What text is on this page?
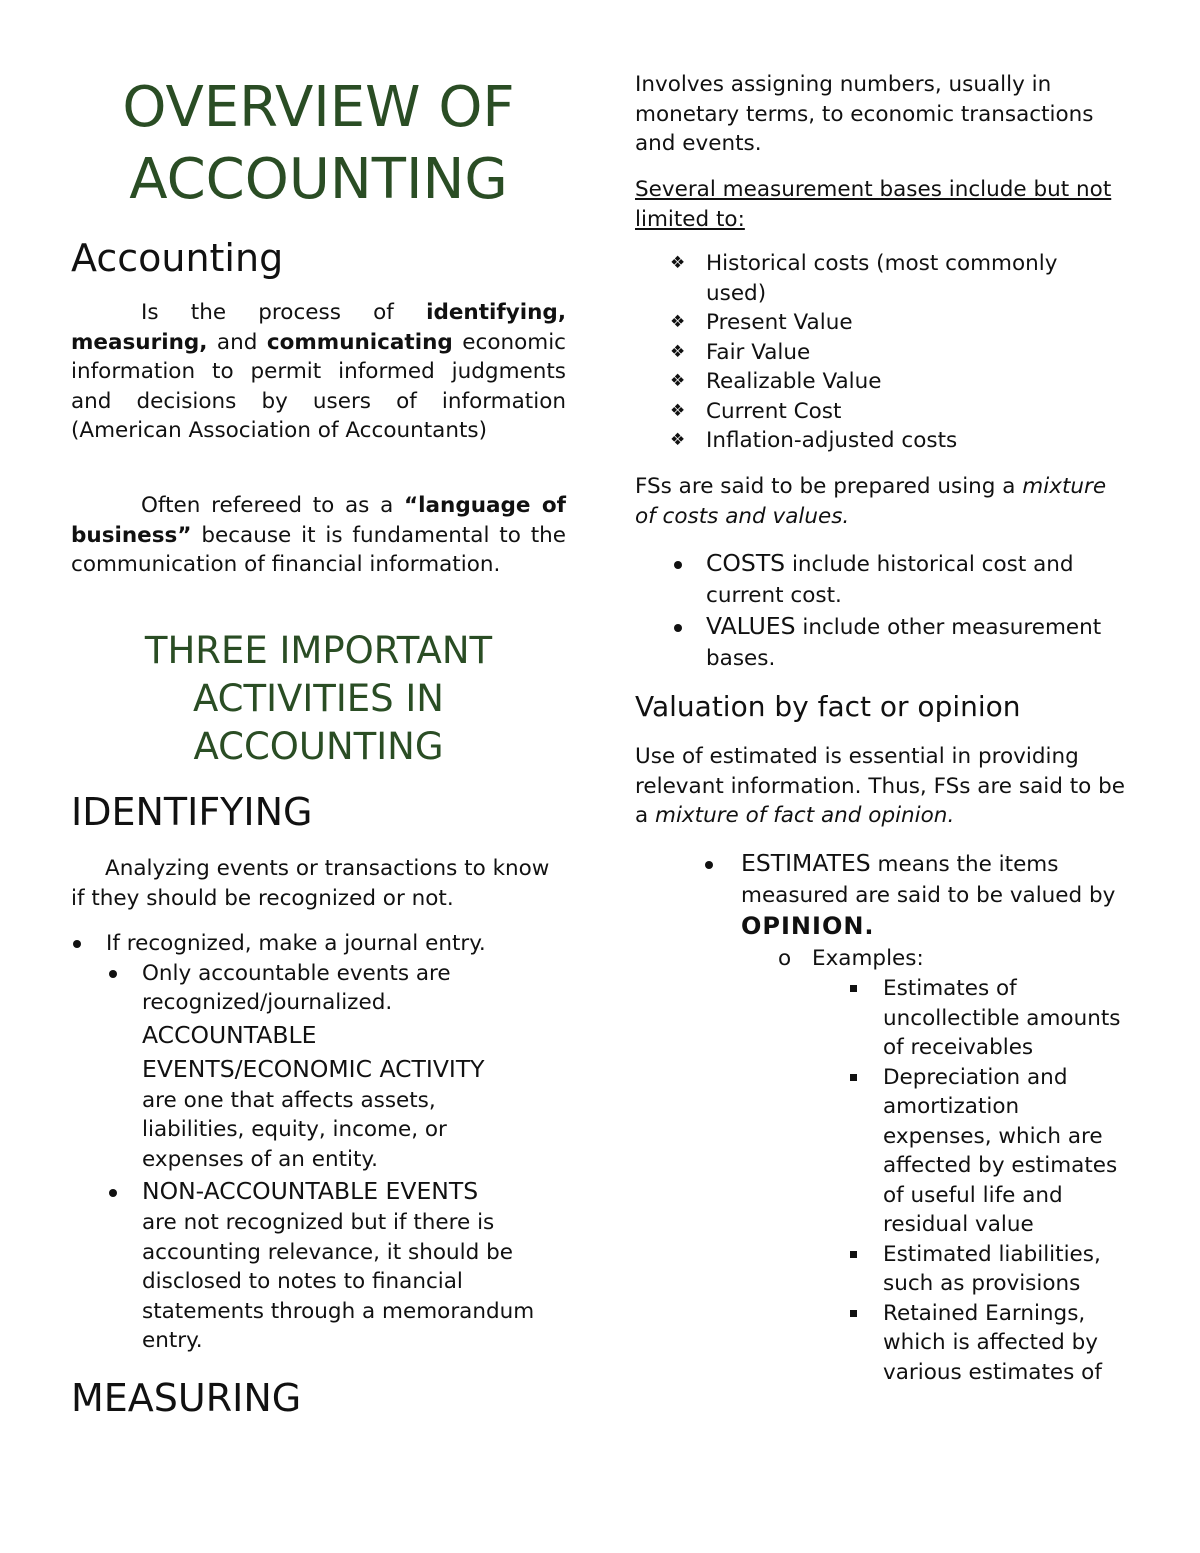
OVERVIEW OF
ACCOUNTING
Accounting

Is the process of identifying, measuring, and communicating economic information to permit informed judgments and decisions by users of information (American Association of Accountants)

Often refereed to as a “language of business” because it is fundamental to the communication of financial information.

THREE IMPORTANT
ACTIVITIES IN
ACCOUNTING
IDENTIFYING

Analyzing events or transactions to know if they should be recognized or not.

If recognized, make a journal entry.
Only accountable events are recognized/journalized.
ACCOUNTABLE EVENTS/ECONOMIC ACTIVITY
are one that affects assets, liabilities, equity, income, or expenses of an entity.
NON-ACCOUNTABLE EVENTS
are not recognized but if there is accounting relevance, it should be disclosed to notes to financial statements through a memorandum entry.
MEASURING

Involves assigning numbers, usually in monetary terms, to economic transactions and events.

Several measurement bases include but not limited to:

❖ Historical costs (most commonly used)
❖ Present Value
❖ Fair Value
❖ Realizable Value
❖ Current Cost
❖ Inflation-adjusted costs

FSs are said to be prepared using a mixture of costs and values.

COSTS include historical cost and current cost.
VALUES include other measurement bases.
Valuation by fact or opinion

Use of estimated is essential in providing relevant information. Thus, FSs are said to be a mixture of fact and opinion.

ESTIMATES means the items measured are said to be valued by OPINION.
o Examples:
Estimates of uncollectible amounts of receivables
Depreciation and amortization expenses, which are affected by estimates of useful life and residual value
Estimated liabilities, such as provisions
Retained Earnings, which is affected by various estimates of
